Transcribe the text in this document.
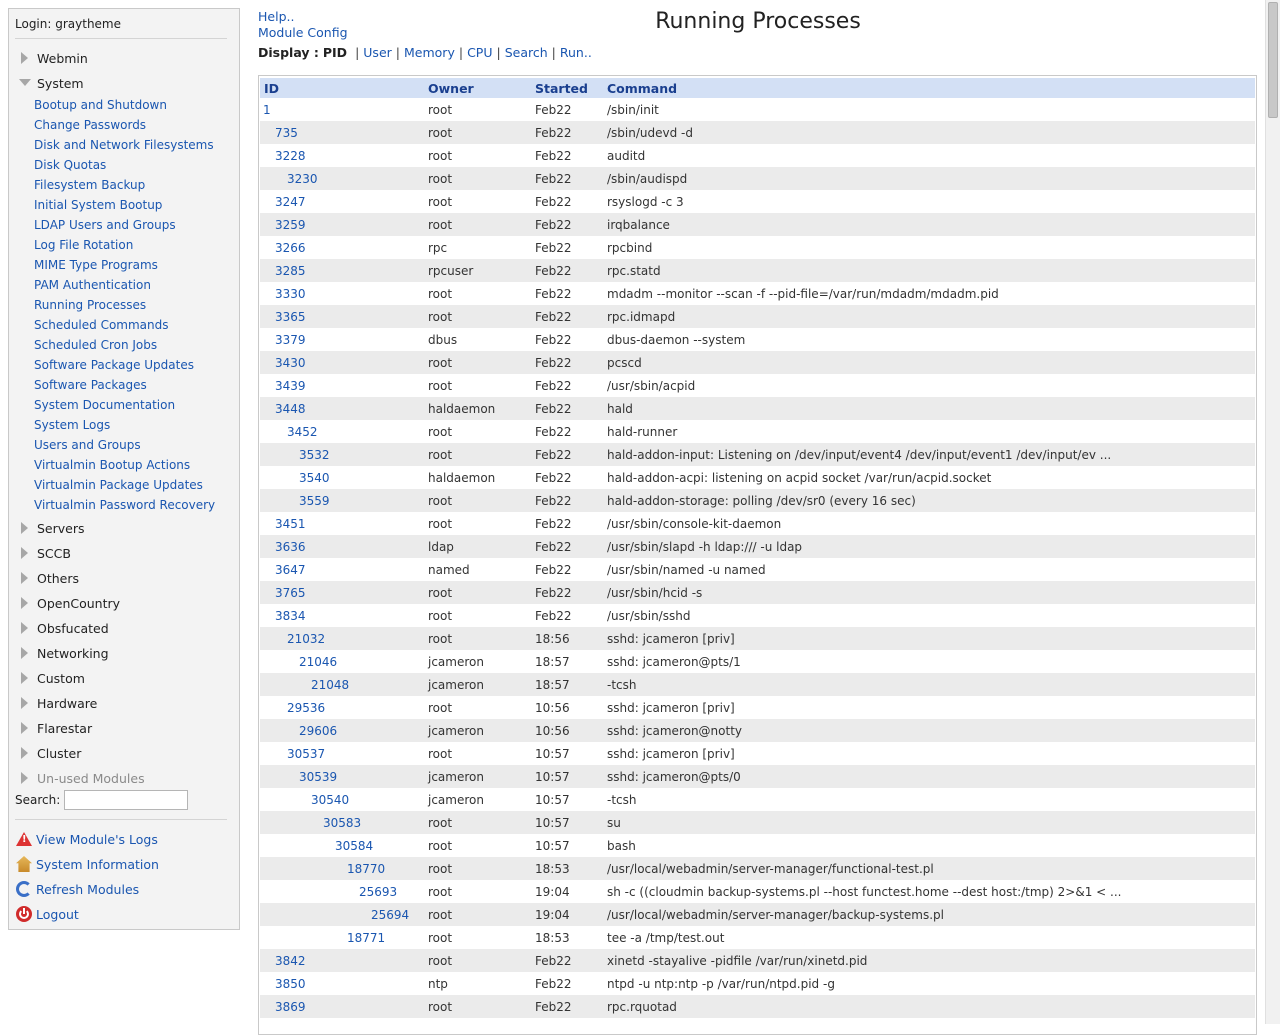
Login: graytheme
Webmin
System
Bootup and Shutdown
Change Passwords
Disk and Network Filesystems
Disk Quotas
Filesystem Backup
Initial System Bootup
LDAP Users and Groups
Log File Rotation
MIME Type Programs
PAM Authentication
Running Processes
Scheduled Commands
Scheduled Cron Jobs
Software Package Updates
Software Packages
System Documentation
System Logs
Users and Groups
Virtualmin Bootup Actions
Virtualmin Package Updates
Virtualmin Password Recovery
Servers
SCCB
Others
OpenCountry
Obsfucated
Networking
Custom
Hardware
Flarestar
Cluster
Un-used Modules
Search:
!
View Module's Logs
System Information
Refresh Modules
Logout
Help..
Module Config	Running Processes
Display : PID | User | Memory | CPU | Search | Run..
ID	Owner	Started	Command
1	root	Feb22	/sbin/init
735	root	Feb22	/sbin/udevd -d
3228	root	Feb22	auditd
3230	root	Feb22	/sbin/audispd
3247	root	Feb22	rsyslogd -c 3
3259	root	Feb22	irqbalance
3266	rpc	Feb22	rpcbind
3285	rpcuser	Feb22	rpc.statd
3330	root	Feb22	mdadm --monitor --scan -f --pid-file=/var/run/mdadm/mdadm.pid
3365	root	Feb22	rpc.idmapd
3379	dbus	Feb22	dbus-daemon --system
3430	root	Feb22	pcscd
3439	root	Feb22	/usr/sbin/acpid
3448	haldaemon	Feb22	hald
3452	root	Feb22	hald-runner
3532	root	Feb22	hald-addon-input: Listening on /dev/input/event4 /dev/input/event1 /dev/input/ev ...
3540	haldaemon	Feb22	hald-addon-acpi: listening on acpid socket /var/run/acpid.socket
3559	root	Feb22	hald-addon-storage: polling /dev/sr0 (every 16 sec)
3451	root	Feb22	/usr/sbin/console-kit-daemon
3636	ldap	Feb22	/usr/sbin/slapd -h ldap:/// -u ldap
3647	named	Feb22	/usr/sbin/named -u named
3765	root	Feb22	/usr/sbin/hcid -s
3834	root	Feb22	/usr/sbin/sshd
21032	root	18:56	sshd: jcameron [priv]
21046	jcameron	18:57	sshd: jcameron@pts/1
21048	jcameron	18:57	-tcsh
29536	root	10:56	sshd: jcameron [priv]
29606	jcameron	10:56	sshd: jcameron@notty
30537	root	10:57	sshd: jcameron [priv]
30539	jcameron	10:57	sshd: jcameron@pts/0
30540	jcameron	10:57	-tcsh
30583	root	10:57	su
30584	root	10:57	bash
18770	root	18:53	/usr/local/webadmin/server-manager/functional-test.pl
25693	root	19:04	sh -c ((cloudmin backup-systems.pl --host functest.home --dest host:/tmp) 2>&1 < ...
25694	root	19:04	/usr/local/webadmin/server-manager/backup-systems.pl
18771	root	18:53	tee -a /tmp/test.out
3842	root	Feb22	xinetd -stayalive -pidfile /var/run/xinetd.pid
3850	ntp	Feb22	ntpd -u ntp:ntp -p /var/run/ntpd.pid -g
3869	root	Feb22	rpc.rquotad
